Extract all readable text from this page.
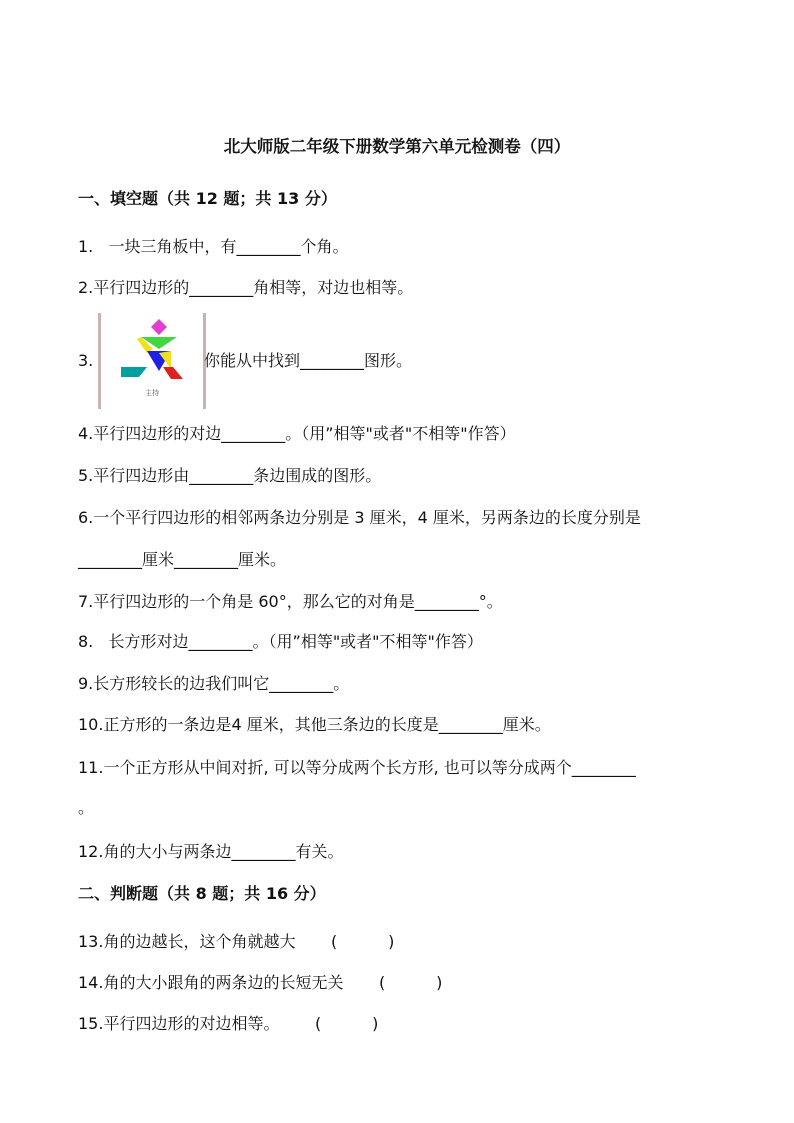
北大师版二年级下册数学第六单元检测卷（四）
一、填空题（共 12 题；共 13 分）
1.   一块三角板中，有________个角。
2.平行四边形的________角相等，对边也相等。
3.
主持
你能从中找到________图形。
4.平行四边形的对边________。（用”相等"或者"不相等"作答）
5.平行四边形由________条边围成的图形。
6.一个平行四边形的相邻两条边分别是 3 厘米，4 厘米，另两条边的长度分别是
________厘米________厘米。
7.平行四边形的一个角是 60°，那么它的对角是________°。
8.   长方形对边________。（用”相等"或者"不相等"作答）
9.长方形较长的边我们叫它________。
10.正方形的一条边是4 厘米，其他三条边的长度是________厘米。
11.一个正方形从中间对折, 可以等分成两个长方形, 也可以等分成两个________
。
12.角的大小与两条边________有关。
二、判断题（共 8 题；共 16 分）
13.角的边越长，这个角就越大       (          )
14.角的大小跟角的两条边的长短无关       (          )
15.平行四边形的对边相等。       (          )
